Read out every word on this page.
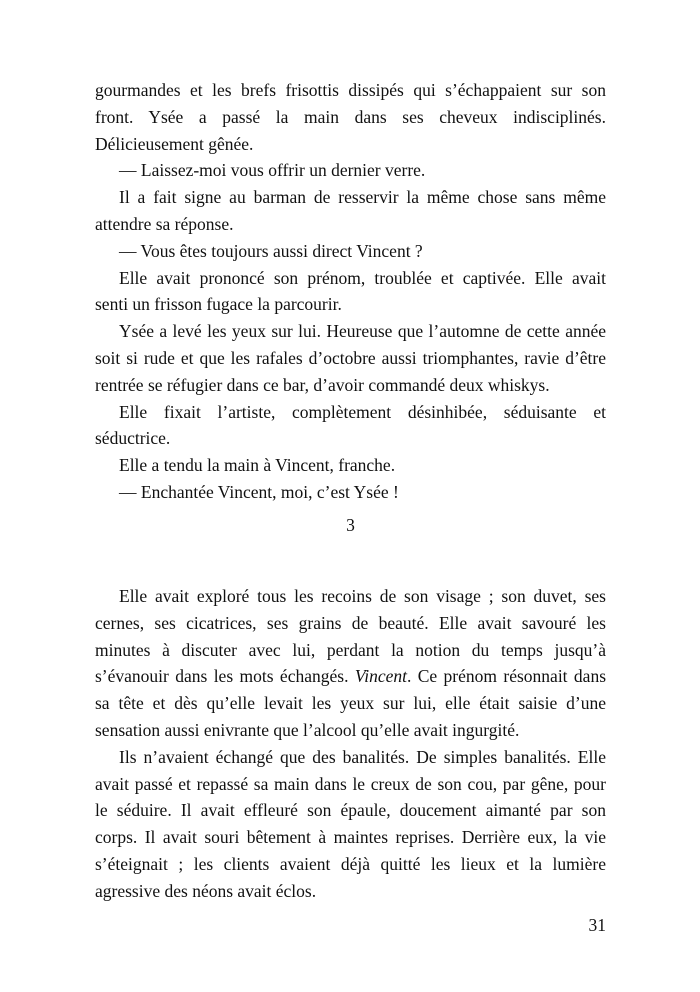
gourmandes et les brefs frisottis dissipés qui s’échappaient sur son

front. Ysée a passé la main dans ses cheveux indisciplinés.

Délicieusement gênée.

— Laissez-moi vous offrir un dernier verre.

Il a fait signe au barman de resservir la même chose sans même

attendre sa réponse.

— Vous êtes toujours aussi direct Vincent ?

Elle avait prononcé son prénom, troublée et captivée. Elle avait

senti un frisson fugace la parcourir.

Ysée a levé les yeux sur lui. Heureuse que l’automne de cette année

soit si rude et que les rafales d’octobre aussi triomphantes, ravie d’être

rentrée se réfugier dans ce bar, d’avoir commandé deux whiskys.

Elle fixait l’artiste, complètement désinhibée, séduisante et

séductrice.

Elle a tendu la main à Vincent, franche.

— Enchantée Vincent, moi, c’est Ysée !

3

Elle avait exploré tous les recoins de son visage ; son duvet, ses

cernes, ses cicatrices, ses grains de beauté. Elle avait savouré les

minutes à discuter avec lui, perdant la notion du temps jusqu’à

s’évanouir dans les mots échangés. Vincent. Ce prénom résonnait dans

sa tête et dès qu’elle levait les yeux sur lui, elle était saisie d’une

sensation aussi enivrante que l’alcool qu’elle avait ingurgité.

Ils n’avaient échangé que des banalités. De simples banalités. Elle

avait passé et repassé sa main dans le creux de son cou, par gêne, pour

le séduire. Il avait effleuré son épaule, doucement aimanté par son

corps. Il avait souri bêtement à maintes reprises. Derrière eux, la vie

s’éteignait ; les clients avaient déjà quitté les lieux et la lumière

agressive des néons avait éclos.

31
